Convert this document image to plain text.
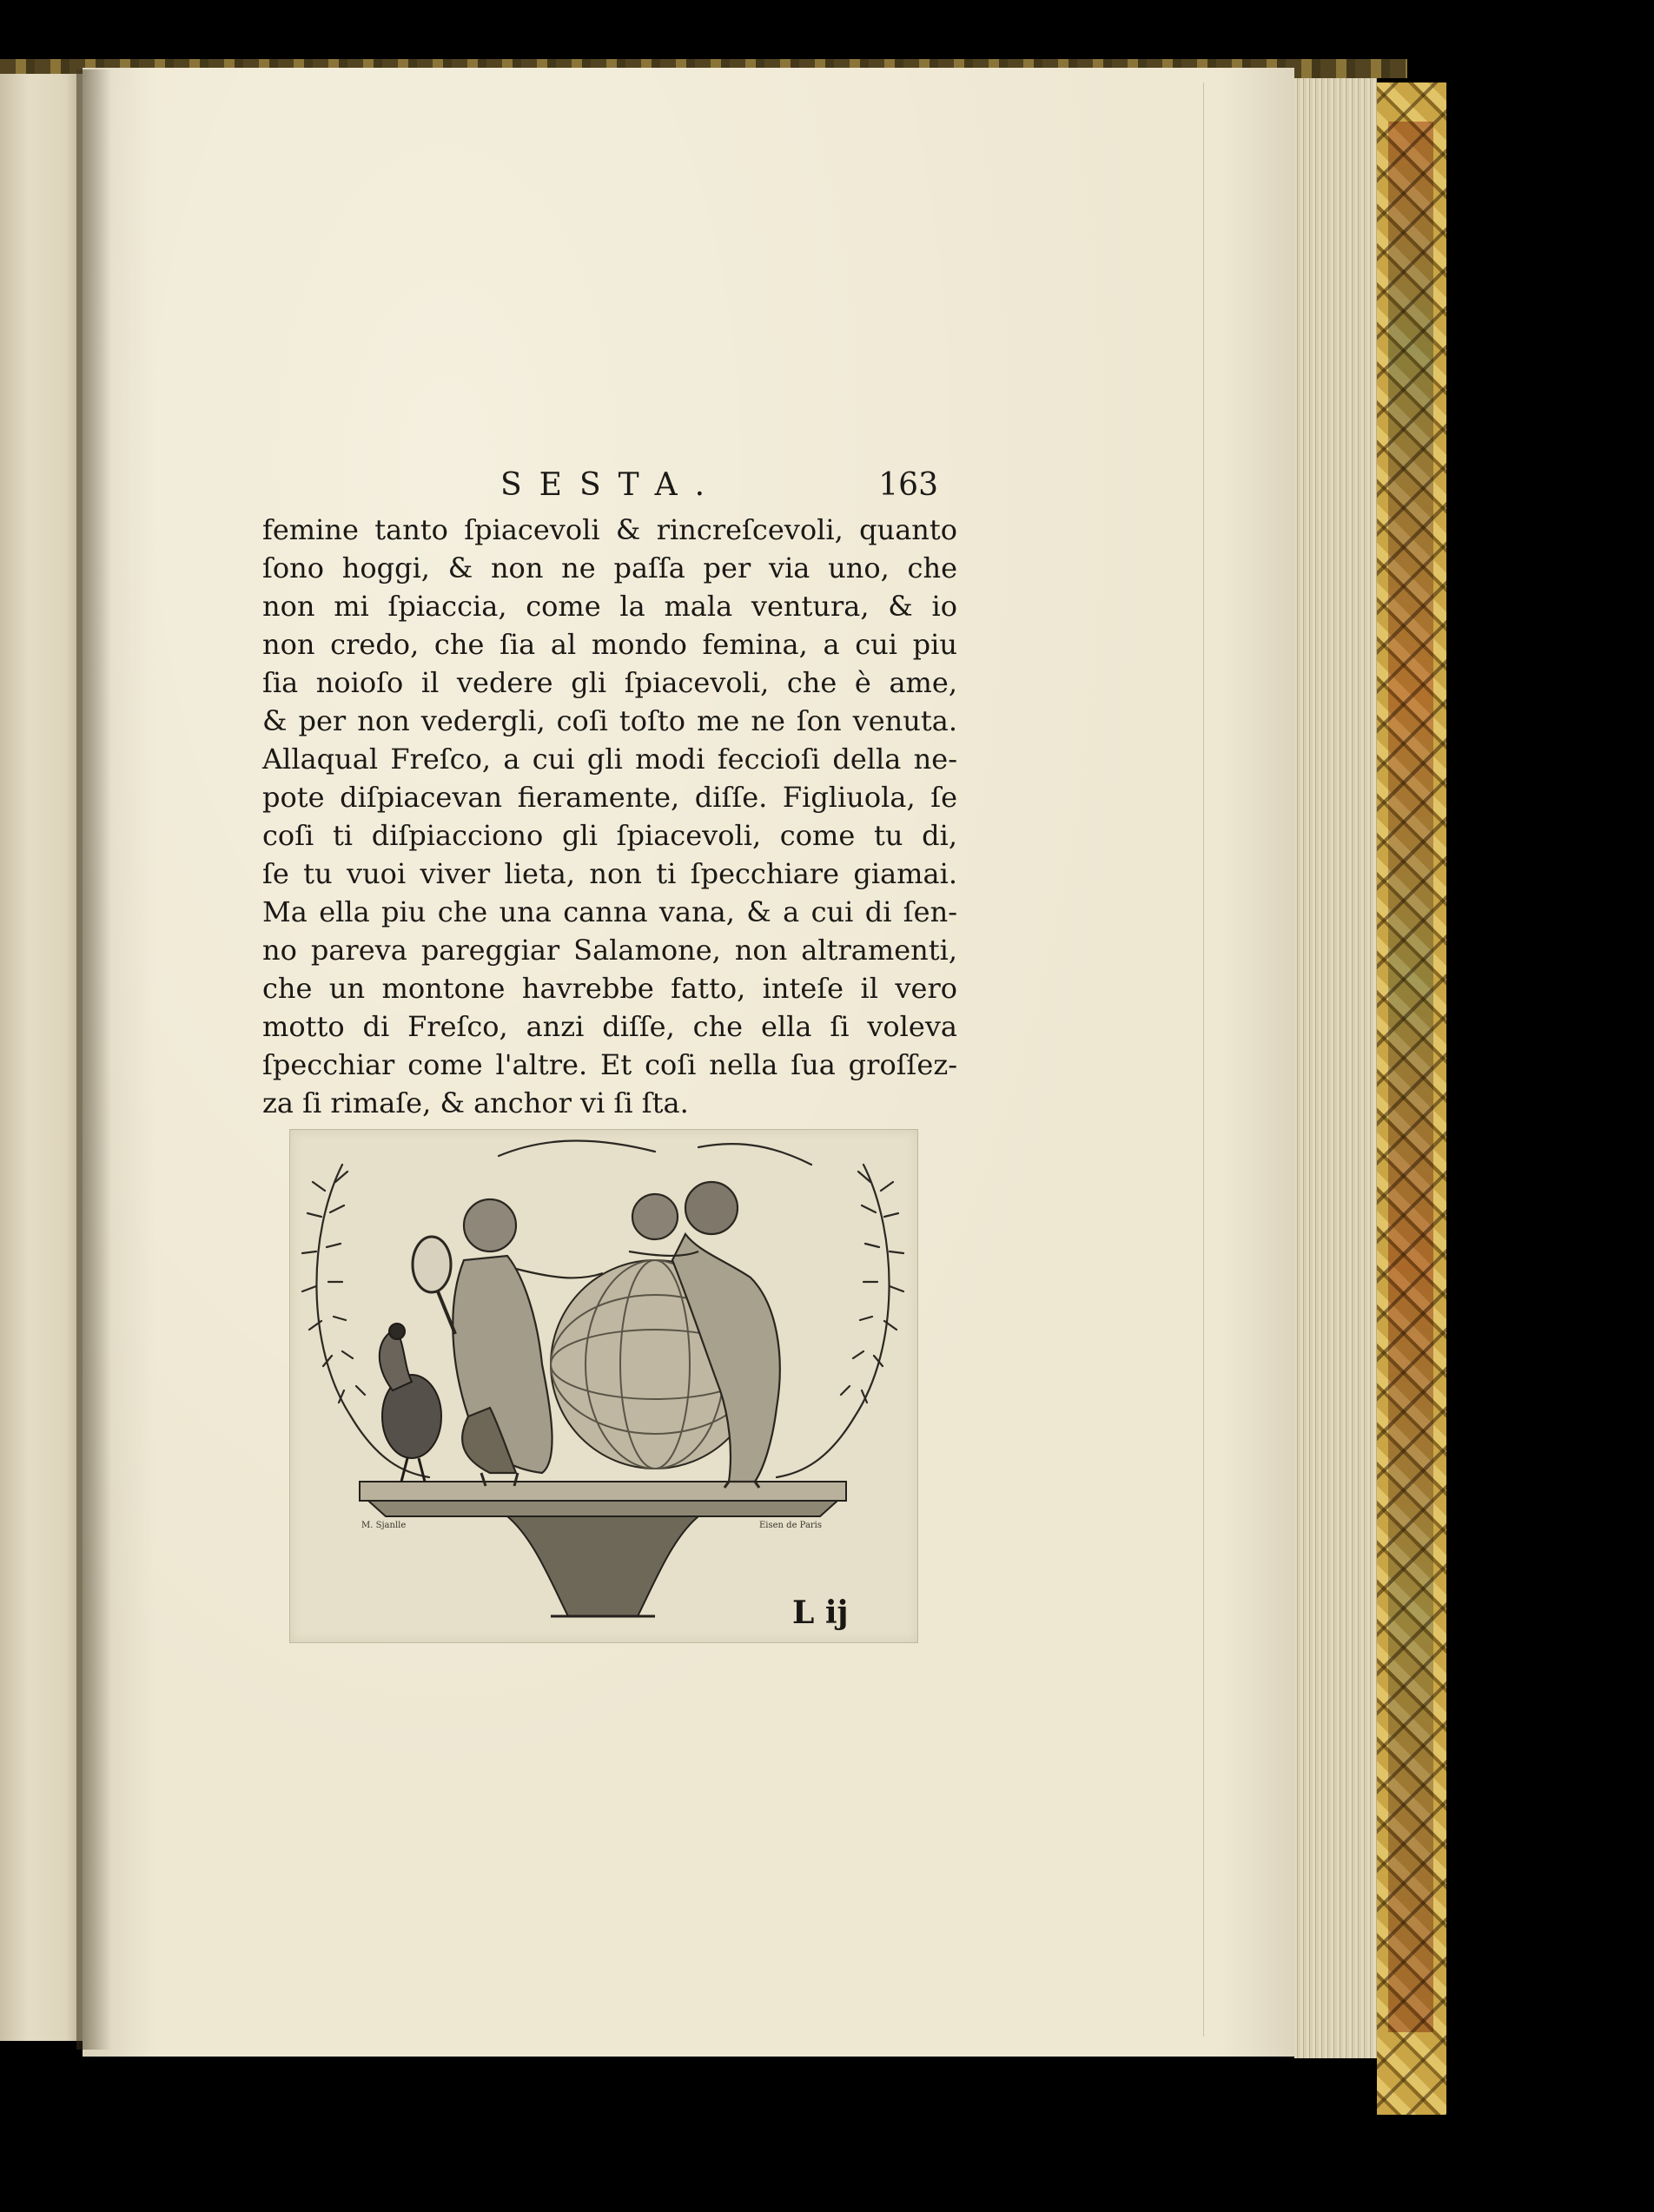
SESTA.	163
femine tanto ſpiacevoli & rincreſcevoli, quanto
ſono hoggi, & non ne paſſa per via uno, che
non mi ſpiaccia, come la mala ventura, & io
non credo, che ſia al mondo femina, a cui piu
ſia noioſo il vedere gli ſpiacevoli, che è ame,
& per non vedergli, coſi toſto me ne ſon venuta.
Allaqual Freſco, a cui gli modi feccioſi della ne-
pote diſpiacevan fieramente, diſſe. Figliuola, ſe
coſi ti diſpiacciono gli ſpiacevoli, come tu di,
ſe tu vuoi viver lieta, non ti ſpecchiare giamai.
Ma ella piu che una canna vana, & a cui di ſen-
no pareva pareggiar Salamone, non altramenti,
che un montone havrebbe fatto, inteſe il vero
motto di Freſco, anzi diſſe, che ella ſi voleva
ſpecchiar come l'altre. Et coſi nella ſua groſſez-
za ſi rimaſe, & anchor vi ſi ſta.
M. Sjanlle	Eisen de Paris
L ij
